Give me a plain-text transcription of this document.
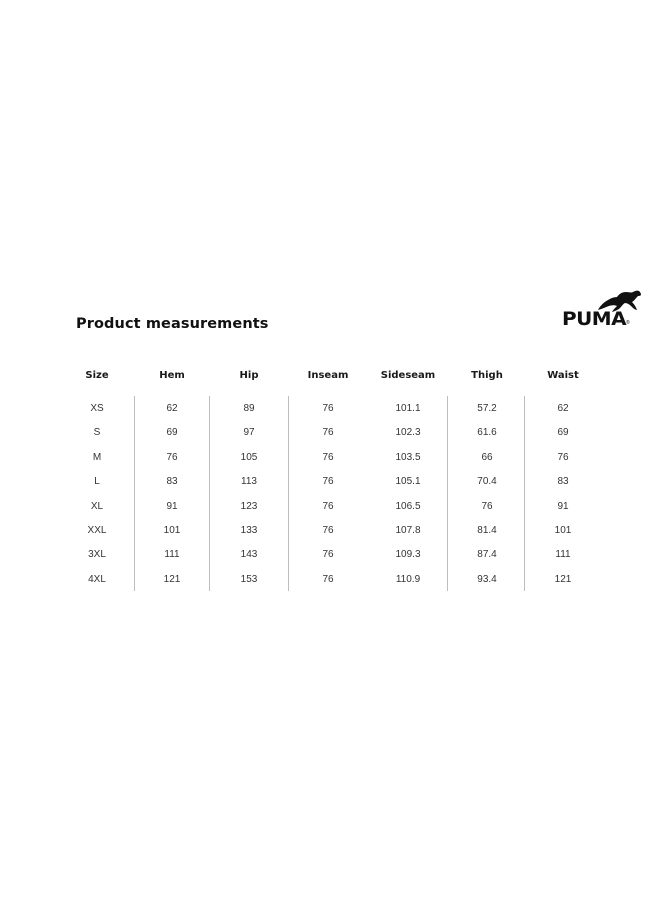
Product measurements	PUMA ®
Size	Hem	Hip	Inseam	Sideseam	Thigh	Waist
XS	62	89	76	101.1	57.2	62
S	69	97	76	102.3	61.6	69
M	76	105	76	103.5	66	76
L	83	113	76	105.1	70.4	83
XL	91	123	76	106.5	76	91
XXL	101	133	76	107.8	81.4	101
3XL	111	143	76	109.3	87.4	111
4XL	121	153	76	110.9	93.4	121
